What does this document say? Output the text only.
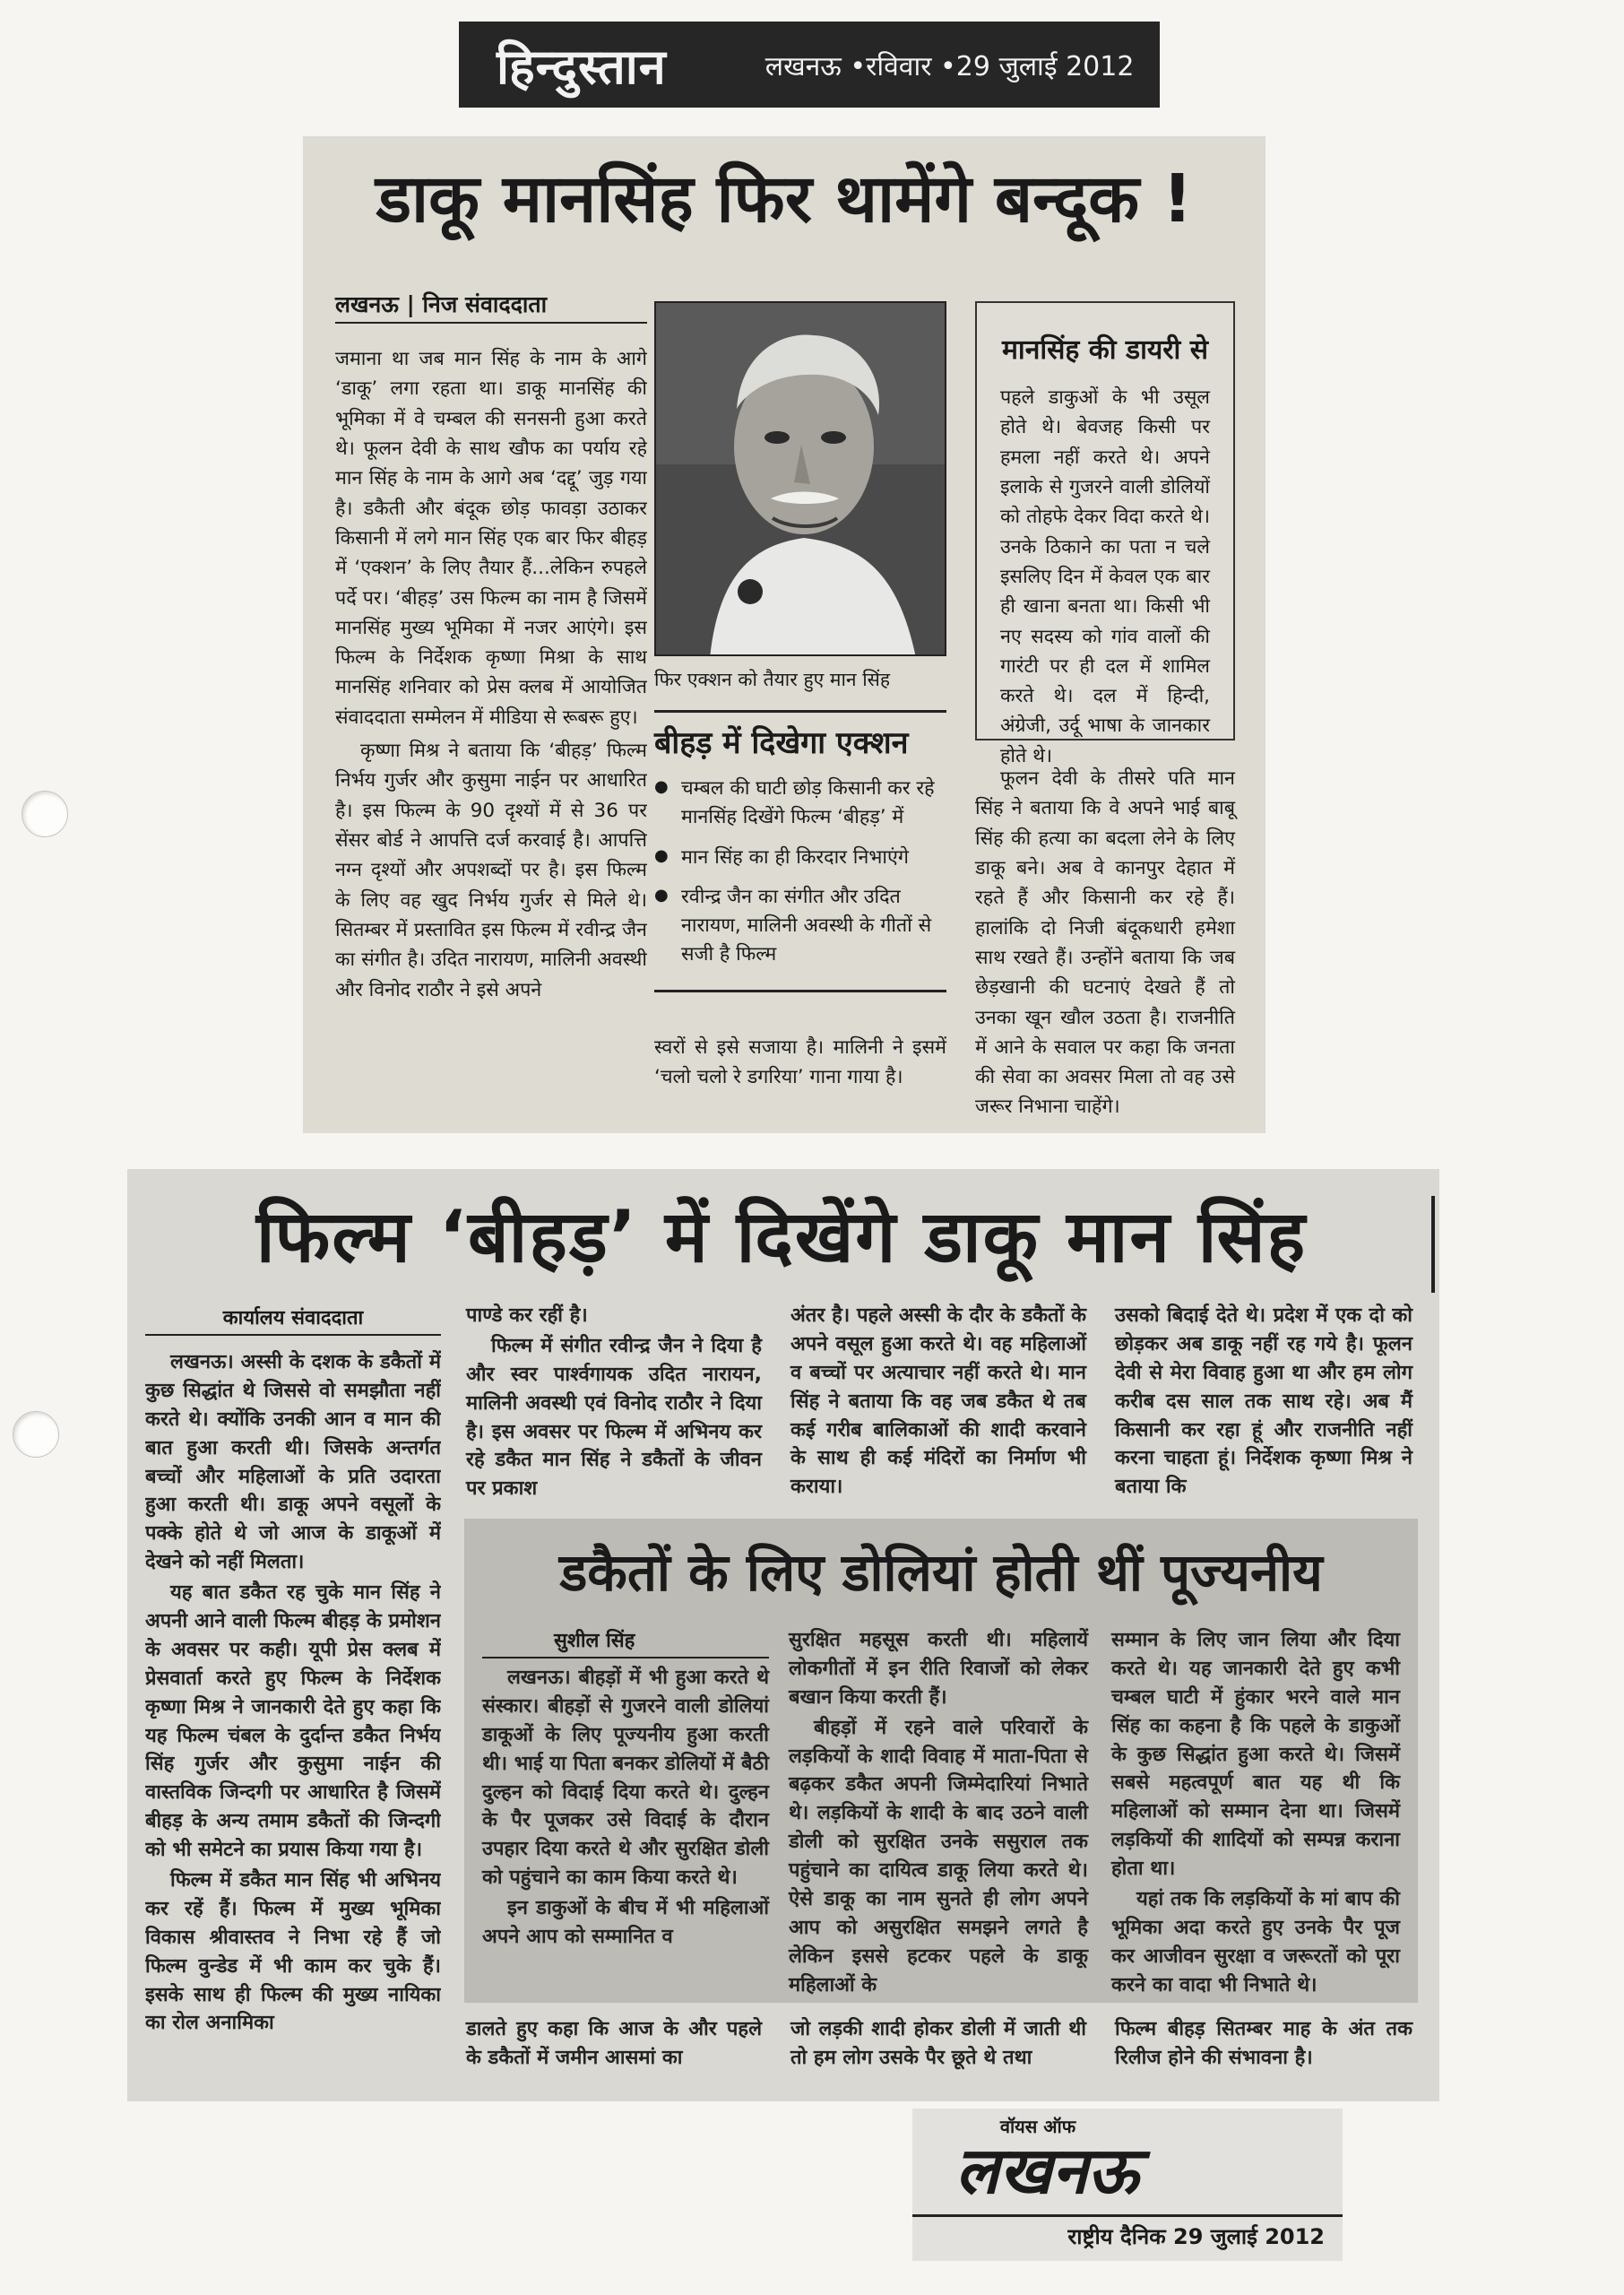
हिन्दुस्तान	लखनऊ •रविवार •29 जुलाई 2012
डाकू मानसिंह फिर थामेंगे बन्दूक !
लखनऊ | निज संवाददाता

जमाना था जब मान सिंह के नाम के आगे ‘डाकू’ लगा रहता था। डाकू मानसिंह की भूमिका में वे चम्बल की सनसनी हुआ करते थे। फूलन देवी के साथ खौफ का पर्याय रहे मान सिंह के नाम के आगे अब ‘दद्दू’ जुड़ गया है। डकैती और बंदूक छोड़ फावड़ा उठाकर किसानी में लगे मान सिंह एक बार फिर बीहड़ में ‘एक्शन’ के लिए तैयार हैं...लेकिन रुपहले पर्दे पर। ‘बीहड़’ उस फिल्म का नाम है जिसमें मानसिंह मुख्य भूमिका में नजर आएंगे। इस फिल्म के निर्देशक कृष्णा मिश्रा के साथ मानसिंह शनिवार को प्रेस क्लब में आयोजित संवाददाता सम्मेलन में मीडिया से रूबरू हुए।

कृष्णा मिश्र ने बताया कि ‘बीहड़’ फिल्म निर्भय गुर्जर और कुसुमा नाईन पर आधारित है। इस फिल्म के 90 दृश्यों में से 36 पर सेंसर बोर्ड ने आपत्ति दर्ज करवाई है। आपत्ति नग्न दृश्यों और अपशब्दों पर है। इस फिल्म के लिए वह खुद निर्भय गुर्जर से मिले थे। सितम्बर में प्रस्तावित इस फिल्म में रवीन्द्र जैन का संगीत है। उदित नारायण, मालिनी अवस्थी और विनोद राठौर ने इसे अपने

फिर एक्शन को तैयार हुए मान सिंह
बीहड़ में दिखेगा एक्शन
● चम्बल की घाटी छोड़ किसानी कर रहे मानसिंह दिखेंगे फिल्म ‘बीहड़’ में
● मान सिंह का ही किरदार निभाएंगे
● रवीन्द्र जैन का संगीत और उदित नारायण, मालिनी अवस्थी के गीतों से सजी है फिल्म

स्वरों से इसे सजाया है। मालिनी ने इसमें ‘चलो चलो रे डगरिया’ गाना गाया है।

मानसिंह की डायरी से

पहले डाकुओं के भी उसूल होते थे। बेवजह किसी पर हमला नहीं करते थे। अपने इलाके से गुजरने वाली डोलियों को तोहफे देकर विदा करते थे। उनके ठिकाने का पता न चले इसलिए दिन में केवल एक बार ही खाना बनता था। किसी भी नए सदस्य को गांव वालों की गारंटी पर ही दल में शामिल करते थे। दल में हिन्दी, अंग्रेजी, उर्दू भाषा के जानकार होते थे।

फूलन देवी के तीसरे पति मान सिंह ने बताया कि वे अपने भाई बाबू सिंह की हत्या का बदला लेने के लिए डाकू बने। अब वे कानपुर देहात में रहते हैं और किसानी कर रहे हैं। हालांकि दो निजी बंदूकधारी हमेशा साथ रखते हैं। उन्होंने बताया कि जब छेड़खानी की घटनाएं देखते हैं तो उनका खून खौल उठता है। राजनीति में आने के सवाल पर कहा कि जनता की सेवा का अवसर मिला तो वह उसे जरूर निभाना चाहेंगे।

फिल्म ‘बीहड़’ में दिखेंगे डाकू मान सिंह
कार्यालय संवाददाता

लखनऊ। अस्सी के दशक के डकैतों में कुछ सिद्धांत थे जिससे वो समझौता नहीं करते थे। क्योंकि उनकी आन व मान की बात हुआ करती थी। जिसके अन्तर्गत बच्चों और महिलाओं के प्रति उदारता हुआ करती थी। डाकू अपने वसूलों के पक्के होते थे जो आज के डाकूओं में देखने को नहीं मिलता।

यह बात डकैत रह चुके मान सिंह ने अपनी आने वाली फिल्म बीहड़ के प्रमोशन के अवसर पर कही। यूपी प्रेस क्लब में प्रेसवार्ता करते हुए फिल्म के निर्देशक कृष्णा मिश्र ने जानकारी देते हुए कहा कि यह फिल्म चंबल के दुर्दान्त डकैत निर्भय सिंह गुर्जर और कुसुमा नाईन की वास्तविक जिन्दगी पर आधारित है जिसमें बीहड़ के अन्य तमाम डकैतों की जिन्दगी को भी समेटने का प्रयास किया गया है।

फिल्म में डकैत मान सिंह भी अभिनय कर रहें हैं। फिल्म में मुख्य भूमिका विकास श्रीवास्तव ने निभा रहे हैं जो फिल्म वुन्डेड में भी काम कर चुके हैं। इसके साथ ही फिल्म की मुख्य नायिका का रोल अनामिका

पाण्डे कर रहीं है।

फिल्म में संगीत रवीन्द्र जैन ने दिया है और स्वर पार्श्वगायक उदित नारायन, मालिनी अवस्थी एवं विनोद राठौर ने दिया है। इस अवसर पर फिल्म में अभिनय कर रहे डकैत मान सिंह ने डकैतों के जीवन पर प्रकाश

अंतर है। पहले अस्सी के दौर के डकैतों के अपने वसूल हुआ करते थे। वह महिलाओं व बच्चों पर अत्याचार नहीं करते थे। मान सिंह ने बताया कि वह जब डकैत थे तब कई गरीब बालिकाओं की शादी करवाने के साथ ही कई मंदिरों का निर्माण भी कराया।

उसको बिदाई देते थे। प्रदेश में एक दो को छोड़कर अब डाकू नहीं रह गये है। फूलन देवी से मेरा विवाह हुआ था और हम लोग करीब दस साल तक साथ रहे। अब मैं किसानी कर रहा हूं और राजनीति नहीं करना चाहता हूं। निर्देशक कृष्णा मिश्र ने बताया कि

डकैतों के लिए डोलियां होती थीं पूज्यनीय
सुशील सिंह

लखनऊ। बीहड़ों में भी हुआ करते थे संस्कार। बीहड़ों से गुजरने वाली डोलियां डाकूओं के लिए पूज्यनीय हुआ करती थी। भाई या पिता बनकर डोलियों में बैठी दुल्हन को विदाई दिया करते थे। दुल्हन के पैर पूजकर उसे विदाई के दौरान उपहार दिया करते थे और सुरक्षित डोली को पहुंचाने का काम किया करते थे।

इन डाकुओं के बीच में भी महिलाओं अपने आप को सम्मानित व

सुरक्षित महसूस करती थी। महिलायें लोकगीतों में इन रीति रिवाजों को लेकर बखान किया करती हैं।

बीहड़ों में रहने वाले परिवारों के लड़कियों के शादी विवाह में माता-पिता से बढ़कर डकैत अपनी जिम्मेदारियां निभाते थे। लड़कियों के शादी के बाद उठने वाली डोली को सुरक्षित उनके ससुराल तक पहुंचाने का दायित्व डाकू लिया करते थे। ऐसे डाकू का नाम सुनते ही लोग अपने आप को असुरक्षित समझने लगते है लेकिन इससे हटकर पहले के डाकू महिलाओं के

सम्मान के लिए जान लिया और दिया करते थे। यह जानकारी देते हुए कभी चम्बल घाटी में हुंकार भरने वाले मान सिंह का कहना है कि पहले के डाकुओं के कुछ सिद्धांत हुआ करते थे। जिसमें सबसे महत्वपूर्ण बात यह थी कि महिलाओं को सम्मान देना था। जिसमें लड़कियों की शादियों को सम्पन्न कराना होता था।

यहां तक कि लड़कियों के मां बाप की भूमिका अदा करते हुए उनके पैर पूज कर आजीवन सुरक्षा व जरूरतों को पूरा करने का वादा भी निभाते थे।

डालते हुए कहा कि आज के और पहले के डकैतों में जमीन आसमां का

जो लड़की शादी होकर डोली में जाती थी तो हम लोग उसके पैर छूते थे तथा

फिल्म बीहड़ सितम्बर माह के अंत तक रिलीज होने की संभावना है।

वॉयस ऑफ
लखनऊ
राष्ट्रीय दैनिक 29 जुलाई 2012
